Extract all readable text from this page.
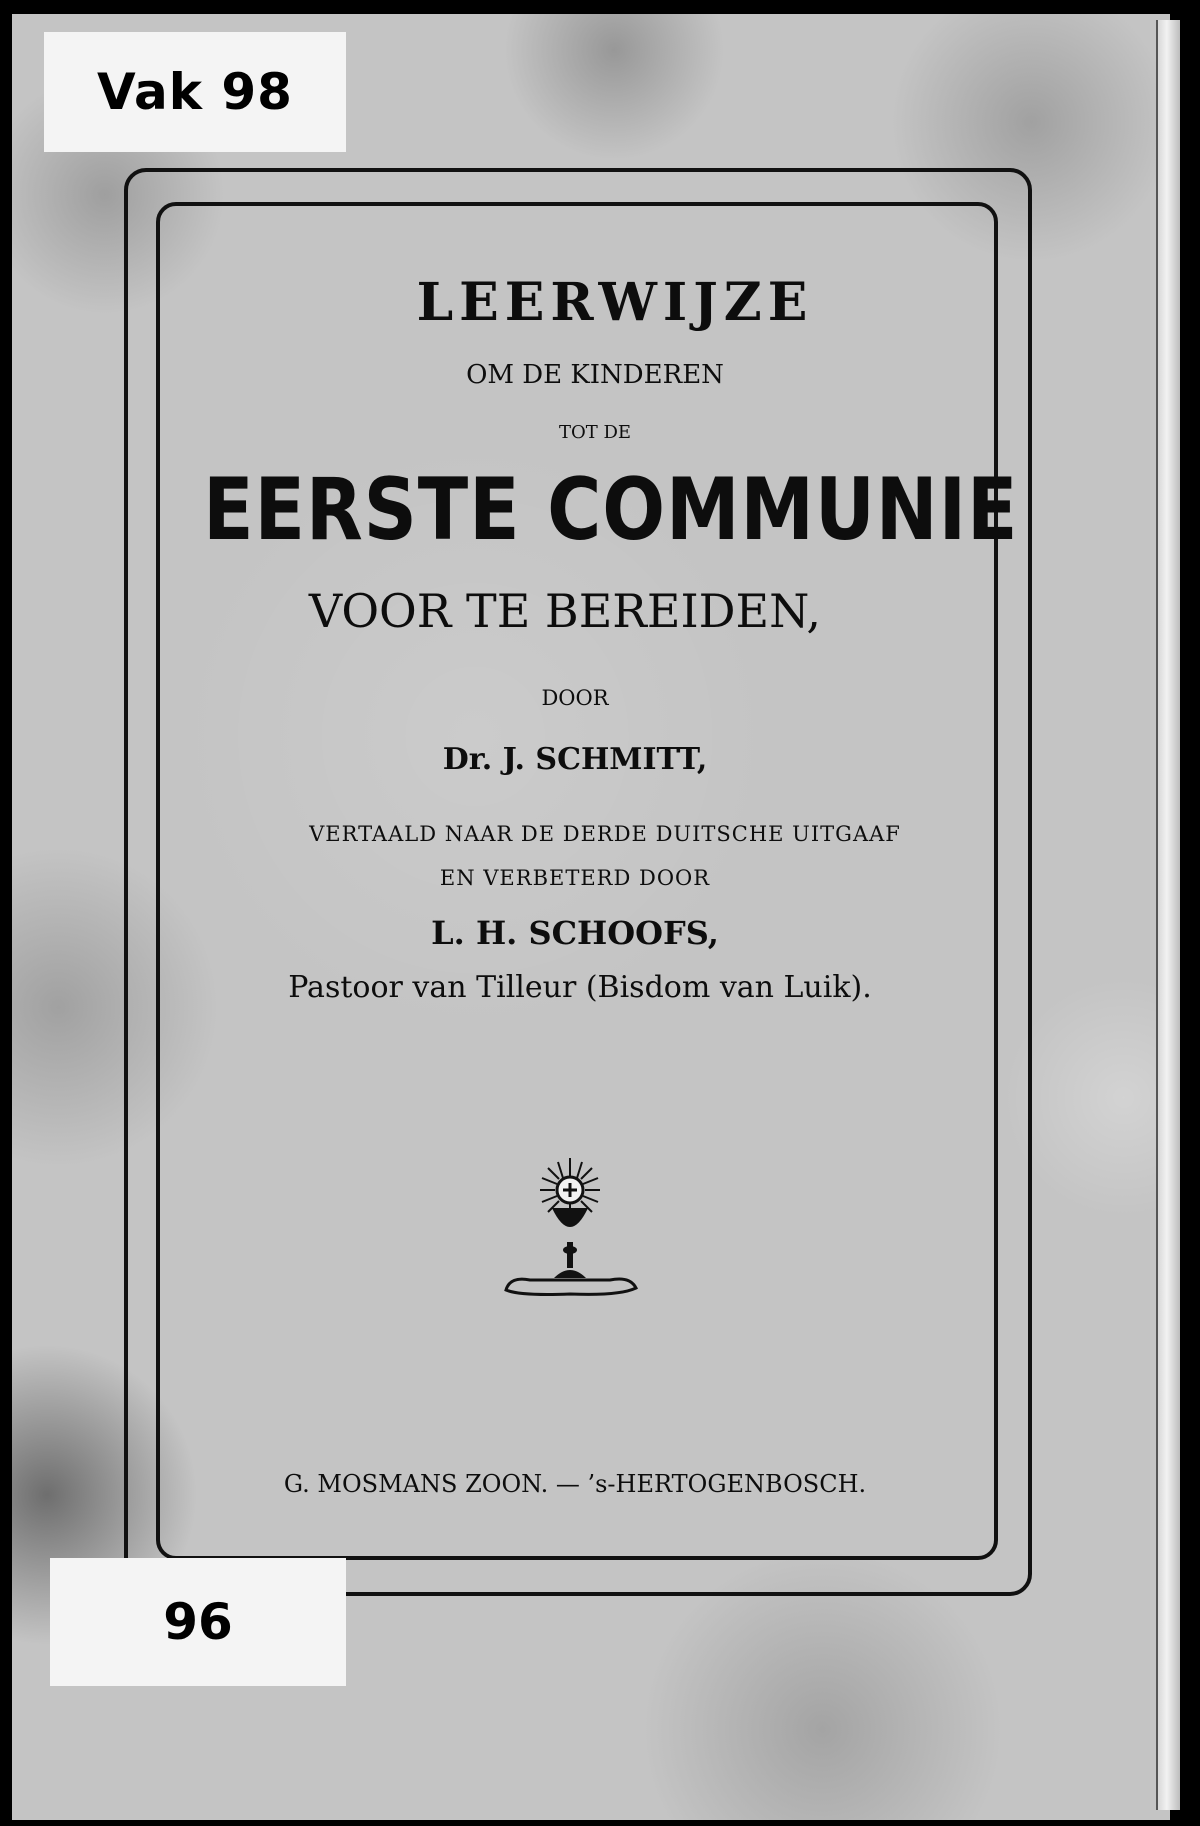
Vak 98
LEERWIJZE
OM DE KINDEREN
TOT DE
EERSTE COMMUNIE
VOOR TE BEREIDEN,
DOOR
Dr. J. SCHMITT,
VERTAALD NAAR DE DERDE DUITSCHE UITGAAF
EN VERBETERD DOOR
L. H. SCHOOFS,
Pastoor van Tilleur (Bisdom van Luik).
G. MOSMANS ZOON. — ’s-HERTOGENBOSCH.
96
